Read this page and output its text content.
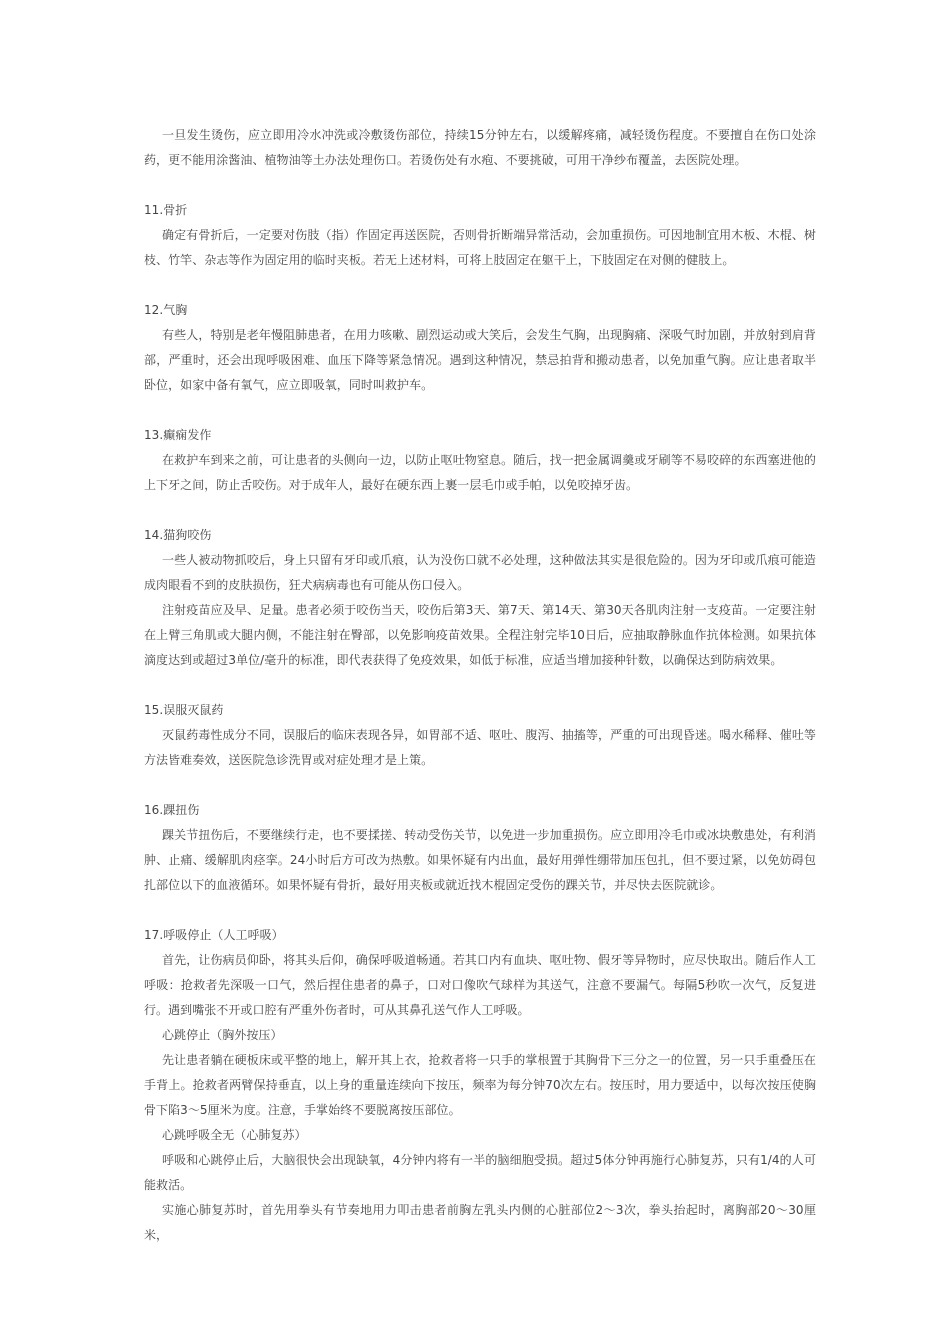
一旦发生烫伤，应立即用冷水冲洗或冷敷烫伤部位，持续15分钟左右，以缓解疼痛，减轻烫伤程度。不要擅自在伤口处涂药，更不能用涂酱油、植物油等土办法处理伤口。若烫伤处有水疱、不要挑破，可用干净纱布覆盖，去医院处理。

11.骨折

确定有骨折后，一定要对伤肢（指）作固定再送医院，否则骨折断端异常活动，会加重损伤。可因地制宜用木板、木棍、树枝、竹竿、杂志等作为固定用的临时夹板。若无上述材料，可将上肢固定在躯干上，下肢固定在对侧的健肢上。

12.气胸

有些人，特别是老年慢阻肺患者，在用力咳嗽、剧烈运动或大笑后，会发生气胸，出现胸痛、深吸气时加剧，并放射到肩背部，严重时，还会出现呼吸困难、血压下降等紧急情况。遇到这种情况，禁忌拍背和搬动患者，以免加重气胸。应让患者取半卧位，如家中备有氧气，应立即吸氧，同时叫救护车。

13.癫痫发作

在救护车到来之前，可让患者的头侧向一边，以防止呕吐物窒息。随后，找一把金属调羹或牙刷等不易咬碎的东西塞进他的上下牙之间，防止舌咬伤。对于成年人，最好在硬东西上裹一层毛巾或手帕，以免咬掉牙齿。

14.猫狗咬伤

一些人被动物抓咬后，身上只留有牙印或爪痕，认为没伤口就不必处理，这种做法其实是很危险的。因为牙印或爪痕可能造成肉眼看不到的皮肤损伤，狂犬病病毒也有可能从伤口侵入。

注射疫苗应及早、足量。患者必须于咬伤当天，咬伤后第3天、第7天、第14天、第30天各肌肉注射一支疫苗。一定要注射在上臂三角肌或大腿内侧，不能注射在臀部，以免影响疫苗效果。全程注射完毕10日后，应抽取静脉血作抗体检测。如果抗体滴度达到或超过3单位/毫升的标准，即代表获得了免疫效果，如低于标准，应适当增加接种针数，以确保达到防病效果。

15.误服灭鼠药

灭鼠药毒性成分不同，误服后的临床表现各异，如胃部不适、呕吐、腹泻、抽搐等，严重的可出现昏迷。喝水稀释、催吐等方法皆难奏效，送医院急诊洗胃或对症处理才是上策。

16.踝扭伤

踝关节扭伤后，不要继续行走，也不要揉搓、转动受伤关节，以免进一步加重损伤。应立即用冷毛巾或冰块敷患处，有利消肿、止痛、缓解肌肉痉挛。24小时后方可改为热敷。如果怀疑有内出血，最好用弹性绷带加压包扎，但不要过紧，以免妨碍包扎部位以下的血液循环。如果怀疑有骨折，最好用夹板或就近找木棍固定受伤的踝关节，并尽快去医院就诊。

17.呼吸停止（人工呼吸）

首先，让伤病员仰卧，将其头后仰，确保呼吸道畅通。若其口内有血块、呕吐物、假牙等异物时，应尽快取出。随后作人工呼吸：抢救者先深吸一口气，然后捏住患者的鼻子，口对口像吹气球样为其送气，注意不要漏气。每隔5秒吹一次气，反复进行。遇到嘴张不开或口腔有严重外伤者时，可从其鼻孔送气作人工呼吸。

心跳停止（胸外按压）

先让患者躺在硬板床或平整的地上，解开其上衣，抢救者将一只手的掌根置于其胸骨下三分之一的位置，另一只手重叠压在手背上。抢救者两臂保持垂直，以上身的重量连续向下按压，频率为每分钟70次左右。按压时，用力要适中，以每次按压使胸骨下陷3～5厘米为度。注意，手掌始终不要脱离按压部位。

心跳呼吸全无（心肺复苏）

呼吸和心跳停止后，大脑很快会出现缺氧，4分钟内将有一半的脑细胞受损。超过5体分钟再施行心肺复苏，只有1/4的人可能救活。

实施心肺复苏时，首先用拳头有节奏地用力叩击患者前胸左乳头内侧的心脏部位2～3次，拳头抬起时，离胸部20～30厘米，
